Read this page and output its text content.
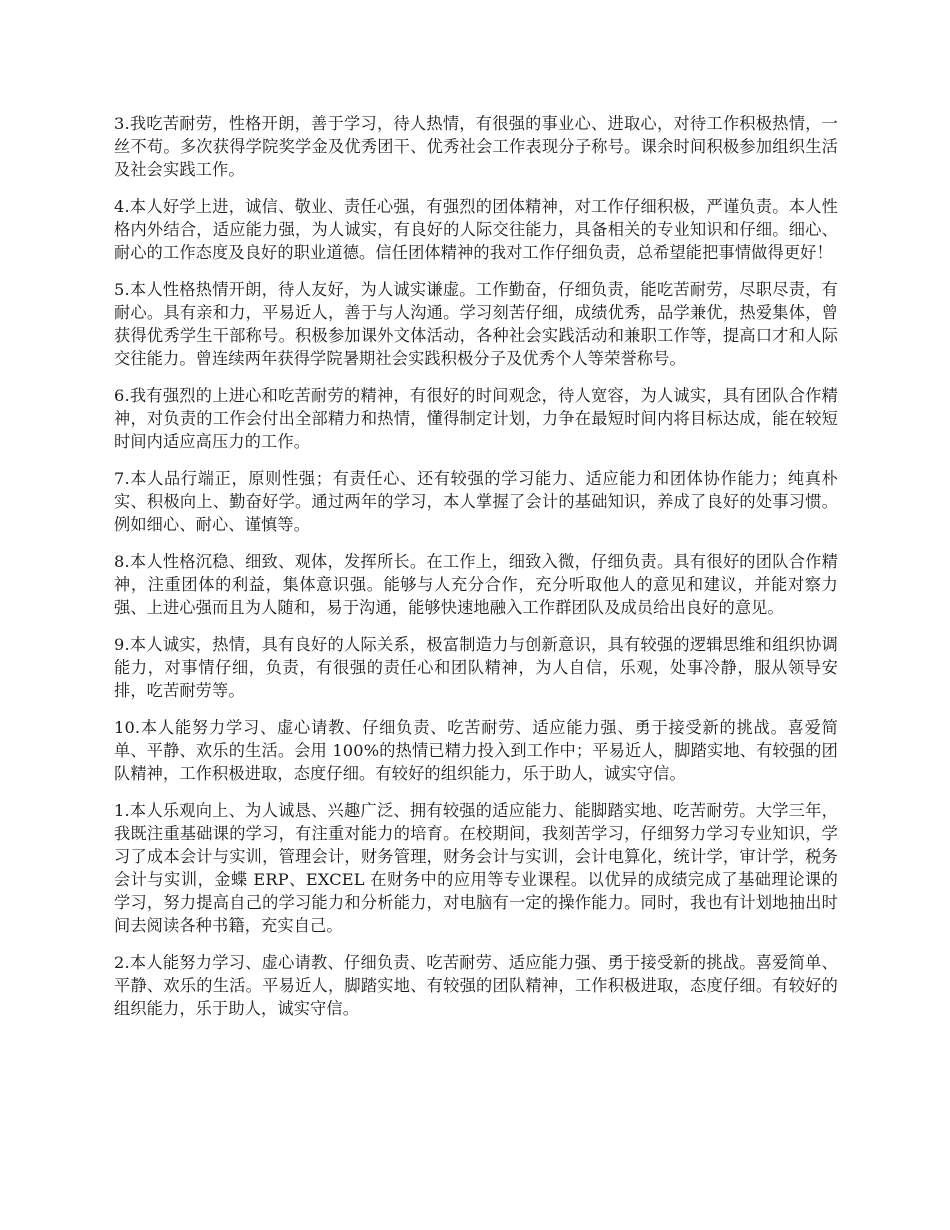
3.我吃苦耐劳，性格开朗，善于学习，待人热情，有很强的事业心、进取心，对待工作积极热情，一丝不苟。多次获得学院奖学金及优秀团干、优秀社会工作表现分子称号。课余时间积极参加组织生活及社会实践工作。

4.本人好学上进，诚信、敬业、责任心强，有强烈的团体精神，对工作仔细积极，严谨负责。本人性格内外结合，适应能力强，为人诚实，有良好的人际交往能力，具备相关的专业知识和仔细。细心、耐心的工作态度及良好的职业道德。信任团体精神的我对工作仔细负责，总希望能把事情做得更好！

5.本人性格热情开朗，待人友好，为人诚实谦虚。工作勤奋，仔细负责，能吃苦耐劳，尽职尽责，有耐心。具有亲和力，平易近人，善于与人沟通。学习刻苦仔细，成绩优秀，品学兼优，热爱集体，曾获得优秀学生干部称号。积极参加课外文体活动，各种社会实践活动和兼职工作等，提高口才和人际交往能力。曾连续两年获得学院暑期社会实践积极分子及优秀个人等荣誉称号。

6.我有强烈的上进心和吃苦耐劳的精神，有很好的时间观念，待人宽容，为人诚实，具有团队合作精神，对负责的工作会付出全部精力和热情，懂得制定计划，力争在最短时间内将目标达成，能在较短时间内适应高压力的工作。

7.本人品行端正，原则性强；有责任心、还有较强的学习能力、适应能力和团体协作能力；纯真朴实、积极向上、勤奋好学。通过两年的学习，本人掌握了会计的基础知识，养成了良好的处事习惯。例如细心、耐心、谨慎等。

8.本人性格沉稳、细致、观体，发挥所长。在工作上，细致入微，仔细负责。具有很好的团队合作精神，注重团体的利益，集体意识强。能够与人充分合作，充分听取他人的意见和建议，并能对察力强、上进心强而且为人随和，易于沟通，能够快速地融入工作群团队及成员给出良好的意见。

9.本人诚实，热情，具有良好的人际关系，极富制造力与创新意识，具有较强的逻辑思维和组织协调能力，对事情仔细，负责，有很强的责任心和团队精神，为人自信，乐观，处事冷静，服从领导安排，吃苦耐劳等。

10.本人能努力学习、虚心请教、仔细负责、吃苦耐劳、适应能力强、勇于接受新的挑战。喜爱简单、平静、欢乐的生活。会用 100%的热情已精力投入到工作中；平易近人，脚踏实地、有较强的团队精神，工作积极进取，态度仔细。有较好的组织能力，乐于助人，诚实守信。

1.本人乐观向上、为人诚恳、兴趣广泛、拥有较强的适应能力、能脚踏实地、吃苦耐劳。大学三年，我既注重基础课的学习，有注重对能力的培育。在校期间，我刻苦学习，仔细努力学习专业知识，学习了成本会计与实训，管理会计，财务管理，财务会计与实训，会计电算化，统计学，审计学，税务会计与实训，金蝶 ERP、EXCEL 在财务中的应用等专业课程。以优异的成绩完成了基础理论课的学习，努力提高自己的学习能力和分析能力，对电脑有一定的操作能力。同时，我也有计划地抽出时间去阅读各种书籍，充实自己。

2.本人能努力学习、虚心请教、仔细负责、吃苦耐劳、适应能力强、勇于接受新的挑战。喜爱简单、平静、欢乐的生活。平易近人，脚踏实地、有较强的团队精神，工作积极进取，态度仔细。有较好的组织能力，乐于助人，诚实守信。
